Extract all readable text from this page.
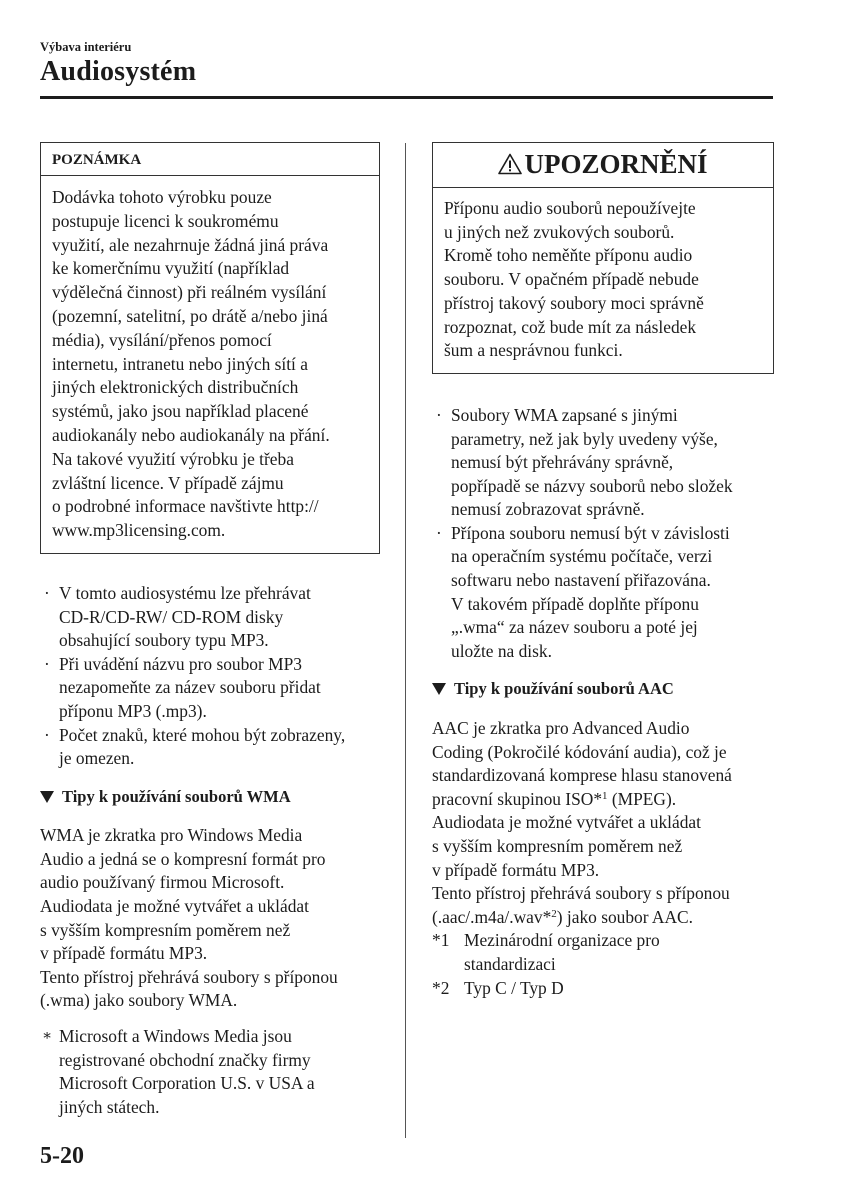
Výbava interiéru
Audiosystém
POZNÁMKA
Dodávka tohoto výrobku pouze
postupuje licenci k soukromému
využití, ale nezahrnuje žádná jiná práva
ke komerčnímu využití (například
výdělečná činnost) při reálném vysílání
(pozemní, satelitní, po drátě a/nebo jiná
média), vysílání/přenos pomocí
internetu, intranetu nebo jiných sítí a
jiných elektronických distribučních
systémů, jako jsou například placené
audiokanály nebo audiokanály na přání.
Na takové využití výrobku je třeba
zvláštní licence. V případě zájmu
o podrobné informace navštivte http://
www.mp3licensing.com.
· V tomto audiosystému lze přehrávat
CD-R/CD-RW/ CD-ROM disky
obsahující soubory typu MP3.
· Při uvádění názvu pro soubor MP3
nezapomeňte za název souboru přidat
příponu MP3 (.mp3).
· Počet znaků, které mohou být zobrazeny,
je omezen.
Tipy k používání souborů WMA
WMA je zkratka pro Windows Media
Audio a jedná se o kompresní formát pro
audio používaný firmou Microsoft.
Audiodata je možné vytvářet a ukládat
s vyšším kompresním poměrem než
v případě formátu MP3.
Tento přístroj přehrává soubory s příponou
(.wma) jako soubory WMA.
∗ Microsoft a Windows Media jsou
registrované obchodní značky firmy
Microsoft Corporation U.S. v USA a
jiných státech.
UPOZORNĚNÍ
Příponu audio souborů nepoužívejte
u jiných než zvukových souborů.
Kromě toho neměňte příponu audio
souboru. V opačném případě nebude
přístroj takový soubory moci správně
rozpoznat, což bude mít za následek
šum a nesprávnou funkci.
· Soubory WMA zapsané s jinými
parametry, než jak byly uvedeny výše,
nemusí být přehrávány správně,
popřípadě se názvy souborů nebo složek
nemusí zobrazovat správně.
· Přípona souboru nemusí být v závislosti
na operačním systému počítače, verzi
softwaru nebo nastavení přiřazována.
V takovém případě doplňte příponu
„.wma“ za název souboru a poté jej
uložte na disk.
Tipy k používání souborů AAC
AAC je zkratka pro Advanced Audio
Coding (Pokročilé kódování audia), což je
standardizovaná komprese hlasu stanovená
pracovní skupinou ISO*$^1$ (MPEG).
Audiodata je možné vytvářet a ukládat
s vyšším kompresním poměrem než
v případě formátu MP3.
Tento přístroj přehrává soubory s příponou
(.aac/.m4a/.wav*$^2$) jako soubor AAC.
*1 Mezinárodní organizace pro
standardizaci
*2 Typ C / Typ D
5-20
